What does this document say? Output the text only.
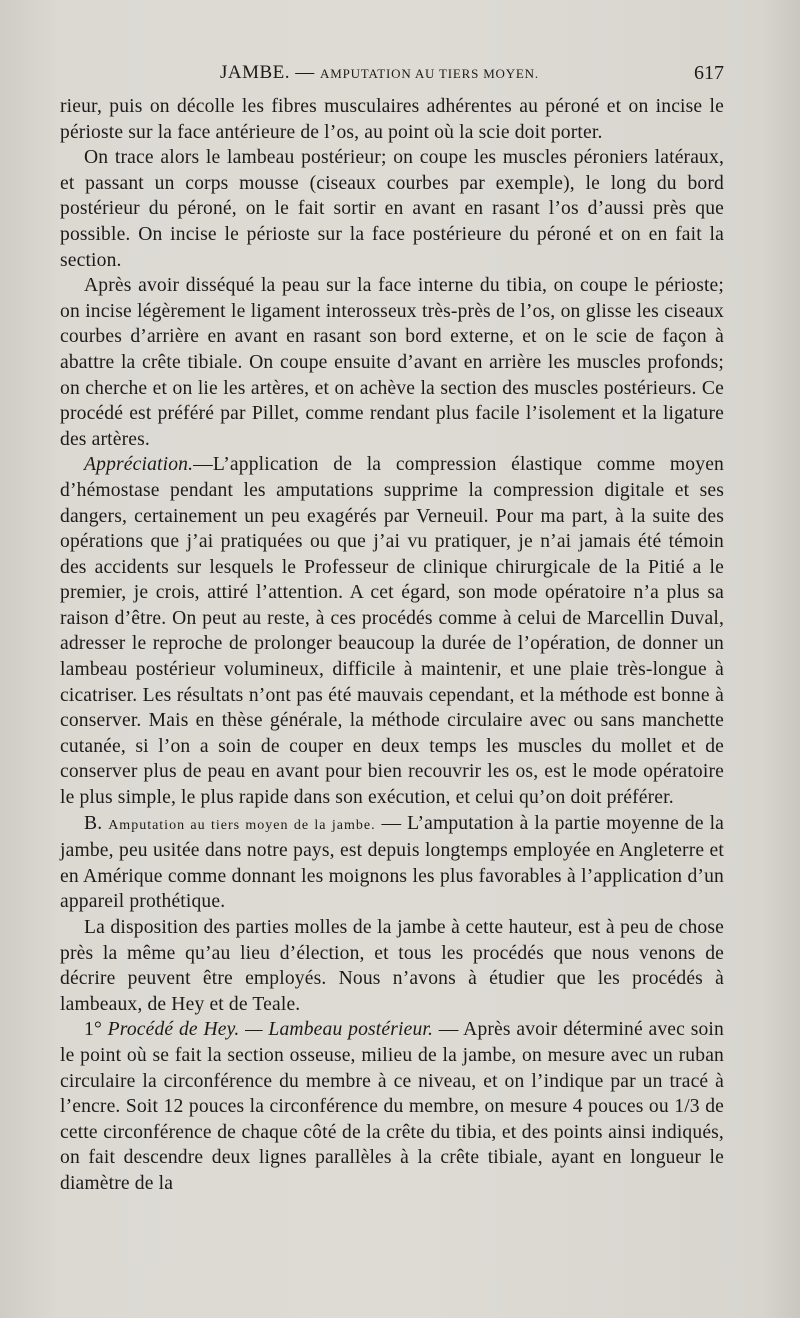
JAMBE. — AMPUTATION AU TIERS MOYEN.	617

rieur, puis on décolle les fibres musculaires adhérentes au péroné et on incise le périoste sur la face antérieure de l’os, au point où la scie doit porter.

On trace alors le lambeau postérieur; on coupe les muscles péroniers latéraux, et passant un corps mousse (ciseaux courbes par exemple), le long du bord postérieur du péroné, on le fait sortir en avant en rasant l’os d’aussi près que possible. On incise le périoste sur la face postérieure du péroné et on en fait la section.

Après avoir disséqué la peau sur la face interne du tibia, on coupe le périoste; on incise légèrement le ligament interosseux très-près de l’os, on glisse les ciseaux courbes d’arrière en avant en rasant son bord externe, et on le scie de façon à abattre la crête tibiale. On coupe ensuite d’avant en arrière les muscles profonds; on cherche et on lie les artères, et on achève la section des muscles postérieurs. Ce procédé est préféré par Pillet, comme rendant plus facile l’isolement et la ligature des artères.

Appréciation.—L’application de la compression élastique comme moyen d’hémostase pendant les amputations supprime la compression digitale et ses dangers, certainement un peu exagérés par Verneuil. Pour ma part, à la suite des opérations que j’ai pratiquées ou que j’ai vu pratiquer, je n’ai jamais été témoin des accidents sur lesquels le Professeur de clinique chirurgicale de la Pitié a le premier, je crois, attiré l’attention. A cet égard, son mode opératoire n’a plus sa raison d’être. On peut au reste, à ces procédés comme à celui de Marcellin Duval, adresser le reproche de prolonger beaucoup la durée de l’opération, de donner un lambeau postérieur volumineux, difficile à maintenir, et une plaie très-longue à cicatriser. Les résultats n’ont pas été mauvais cependant, et la méthode est bonne à conserver. Mais en thèse générale, la méthode circulaire avec ou sans manchette cutanée, si l’on a soin de couper en deux temps les muscles du mollet et de conserver plus de peau en avant pour bien recouvrir les os, est le mode opératoire le plus simple, le plus rapide dans son exécution, et celui qu’on doit préférer.

B. Amputation au tiers moyen de la jambe. — L’amputation à la partie moyenne de la jambe, peu usitée dans notre pays, est depuis longtemps employée en Angleterre et en Amérique comme donnant les moignons les plus favorables à l’application d’un appareil prothétique.

La disposition des parties molles de la jambe à cette hauteur, est à peu de chose près la même qu’au lieu d’élection, et tous les procédés que nous venons de décrire peuvent être employés. Nous n’avons à étudier que les procédés à lambeaux, de Hey et de Teale.

1° Procédé de Hey. — Lambeau postérieur. — Après avoir déterminé avec soin le point où se fait la section osseuse, milieu de la jambe, on mesure avec un ruban circulaire la circonférence du membre à ce niveau, et on l’indique par un tracé à l’encre. Soit 12 pouces la circonférence du membre, on mesure 4 pouces ou 1/3 de cette circonférence de chaque côté de la crête du tibia, et des points ainsi indiqués, on fait descendre deux lignes parallèles à la crête tibiale, ayant en longueur le diamètre de la
